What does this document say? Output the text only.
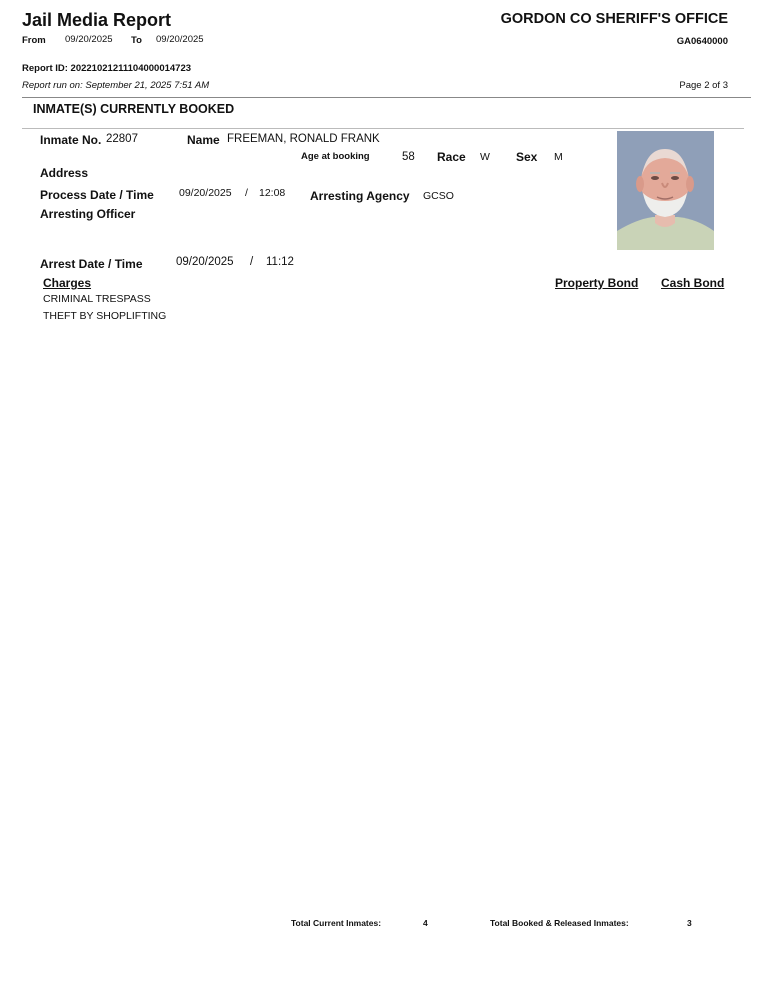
Jail Media Report	GORDON CO SHERIFF'S OFFICE
From 09/20/2025 To 09/20/2025	GA0640000
Report ID: 20221021211104000014723
Report run on: September 21, 2025 7:51 AM	Page 2 of 3
INMATE(S) CURRENTLY BOOKED
Inmate No. 22807	Name FREEMAN, RONALD FRANK
Age at booking	58 Race W Sex M
Address
Process Date / Time 09/20/2025 / 12:08 Arresting Agency GCSO
Arresting Officer
Arrest Date / Time	09/20/2025 / 11:12
Charges	Property Bond Cash Bond
CRIMINAL TRESPASS
THEFT BY SHOPLIFTING
Total Current Inmates:	4	Total Booked & Released Inmates:	3
